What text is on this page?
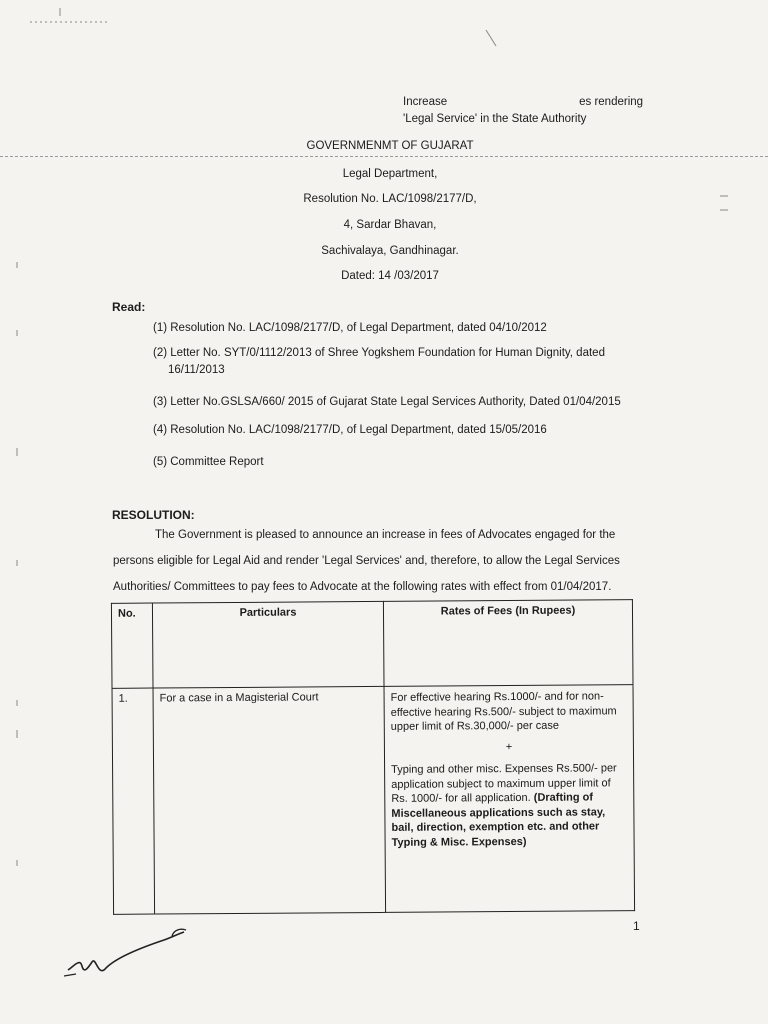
Increase	es rendering
'Legal Service' in the State Authority
GOVERNMENMT OF GUJARAT
Legal Department,
Resolution No. LAC/1098/2177/D,
4, Sardar Bhavan,
Sachivalaya, Gandhinagar.
Dated: 14 /03/2017
Read:
(1) Resolution No. LAC/1098/2177/D, of Legal Department, dated 04/10/2012
(2) Letter No. SYT/0/1112/2013 of Shree Yogkshem Foundation for Human Dignity, dated
16/11/2013
(3) Letter No.GSLSA/660/ 2015 of Gujarat State Legal Services Authority, Dated 01/04/2015
(4) Resolution No. LAC/1098/2177/D, of Legal Department, dated 15/05/2016
(5) Committee Report
RESOLUTION:
The Government is pleased to announce an increase in fees of Advocates engaged for the persons eligible for Legal Aid and render 'Legal Services' and, therefore, to allow the Legal Services Authorities/ Committees to pay fees to Advocate at the following rates with effect from 01/04/2017.
No.	Particulars	Rates of Fees (In Rupees)
1.	For a case in a Magisterial Court	For effective hearing Rs.1000/- and for non-effective hearing Rs.500/- subject to maximum upper limit of Rs.30,000/- per case

+

Typing and other misc. Expenses Rs.500/- per application subject to maximum upper limit of Rs. 1000/- for all application. (Drafting of Miscellaneous applications such as stay, bail, direction, exemption etc. and other Typing & Misc. Expenses)

1
